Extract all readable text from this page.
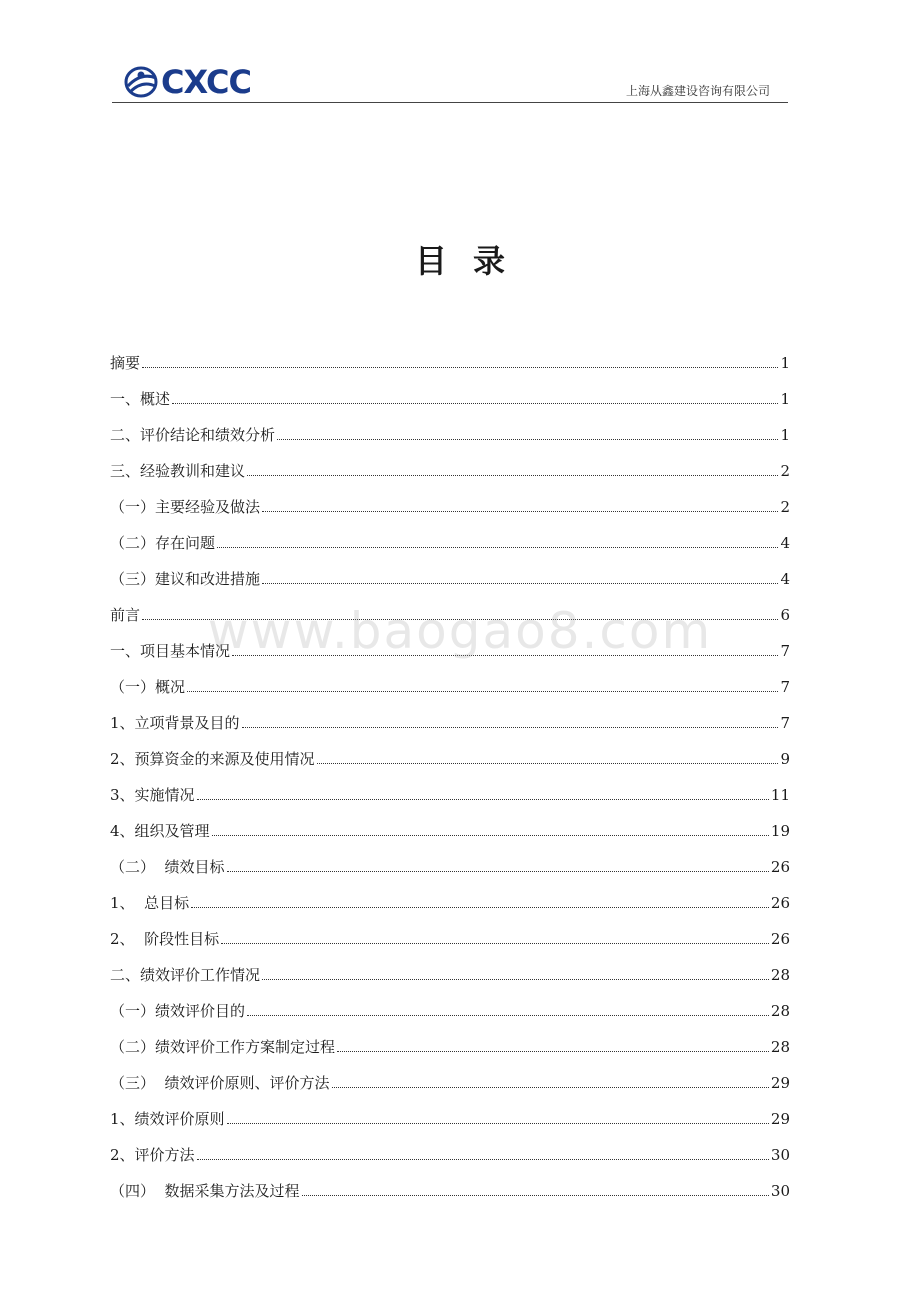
CXCC	上海从鑫建设咨询有限公司
目录
摘要	1
一、概述	1
二、评价结论和绩效分析	1
三、经验教训和建议	2
（一）主要经验及做法	2
（二）存在问题	4
（三）建议和改进措施	4
前言	6
一、项目基本情况	7
（一）概况	7
1、立项背景及目的	7
2、预算资金的来源及使用情况	9
3、实施情况	11
4、组织及管理	19
（二）  绩效目标	26
1、  总目标	26
2、  阶段性目标	26
二、绩效评价工作情况	28
（一）绩效评价目的	28
（二）绩效评价工作方案制定过程	28
（三）  绩效评价原则、评价方法	29
1、绩效评价原则	29
2、评价方法	30
（四）  数据采集方法及过程	30
www.baogao8.com
